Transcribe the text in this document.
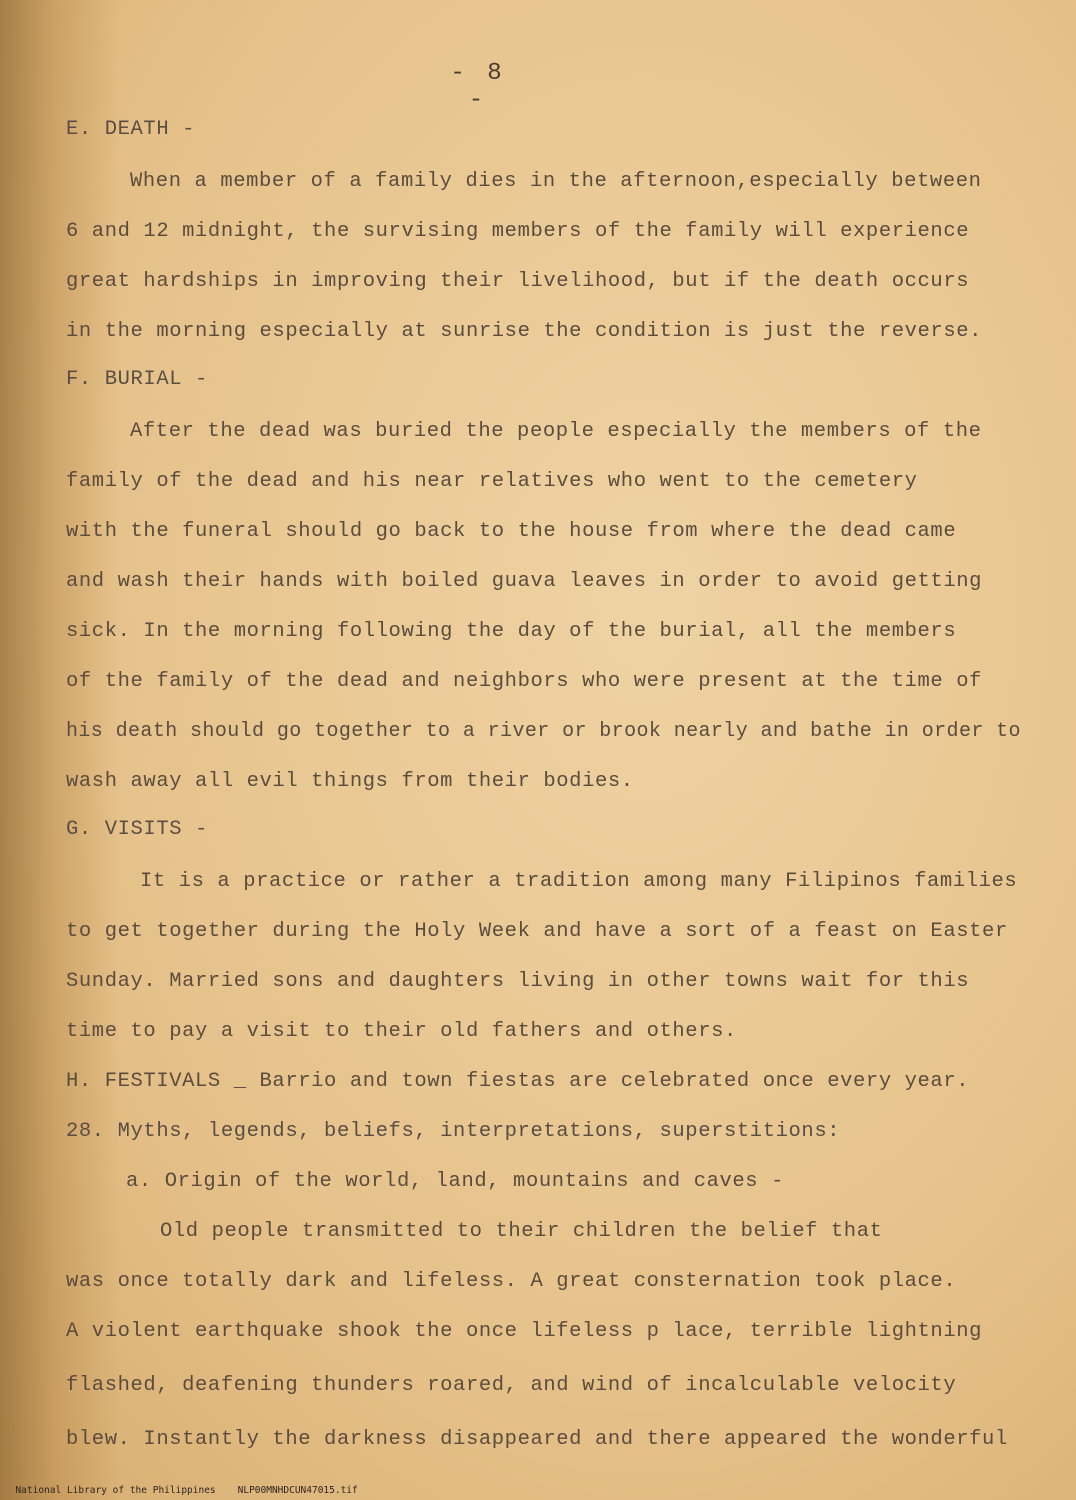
- 8 -
E. DEATH -
When a member of a family dies in the afternoon,especially between
6 and 12 midnight, the survising members of the family will experience
great hardships in improving their livelihood, but if the death occurs
in the morning especially at sunrise the condition is just the reverse.
F. BURIAL -
After the dead was buried the people especially the members of the
family of the dead and his near relatives who went to the cemetery
with the funeral should go back to the house from where the dead came
and wash their hands with boiled guava leaves in order to avoid getting
sick. In the morning following the day of the burial, all the members
of the family of the dead and neighbors who were present at the time of
his death should go together to a river or brook nearly and bathe in order to
wash away all evil things from their bodies.
G. VISITS -
It is a practice or rather a tradition among many Filipinos families
to get together during the Holy Week and have a sort of a feast on Easter
Sunday. Married sons and daughters living in other towns wait for this
time to pay a visit to their old fathers and others.
H. FESTIVALS _ Barrio and town fiestas are celebrated once every year.
28. Myths, legends, beliefs, interpretations, superstitions:
a. Origin of the world, land, mountains and caves -
Old people transmitted to their children the belief that
was once totally dark and lifeless. A great consternation took place.
A violent earthquake shook the once lifeless p lace, terrible lightning
flashed, deafening thunders roared, and wind of incalculable velocity
blew. Instantly the darkness disappeared and there appeared the wonderful

National Library of the Philippines NLP00MNHDCUN47015.tif
